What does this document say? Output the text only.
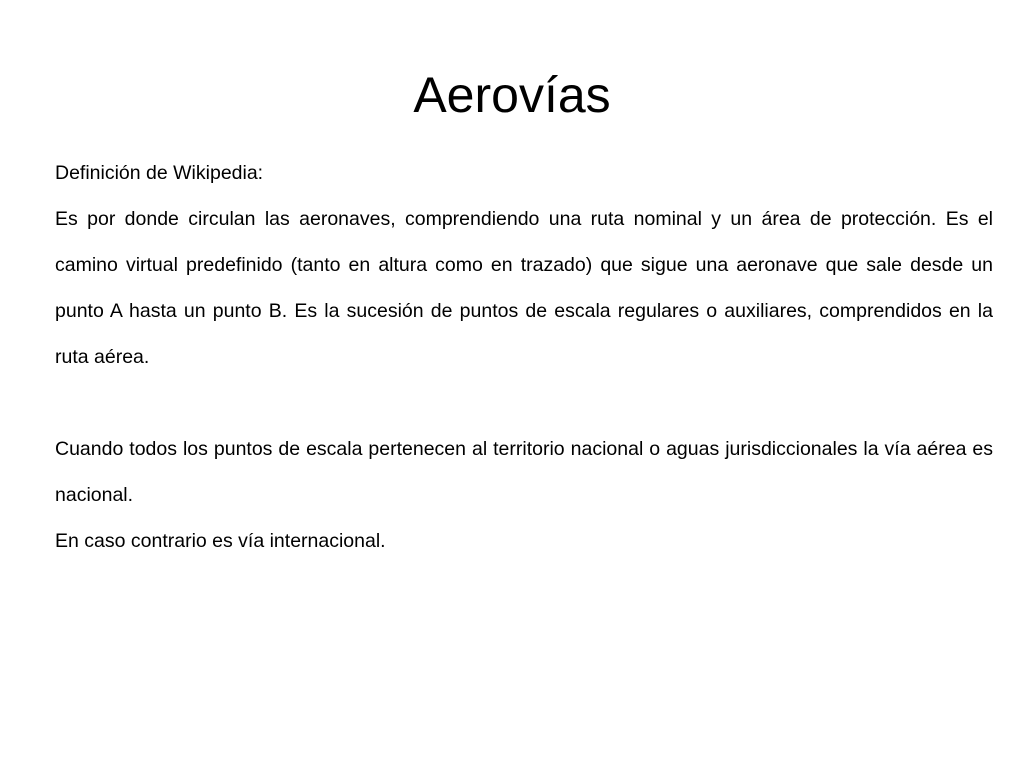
Aerovías

Definición de Wikipedia:

Es por donde circulan las aeronaves, comprendiendo una ruta nominal y un área de protección. Es el camino virtual predefinido (tanto en altura como en trazado) que sigue una aeronave que sale desde un punto A hasta un punto B. Es la sucesión de puntos de escala regulares o auxiliares, comprendidos en la ruta aérea.

Cuando todos los puntos de escala pertenecen al territorio nacional o aguas jurisdiccionales la vía aérea es nacional.

En caso contrario es vía internacional.
